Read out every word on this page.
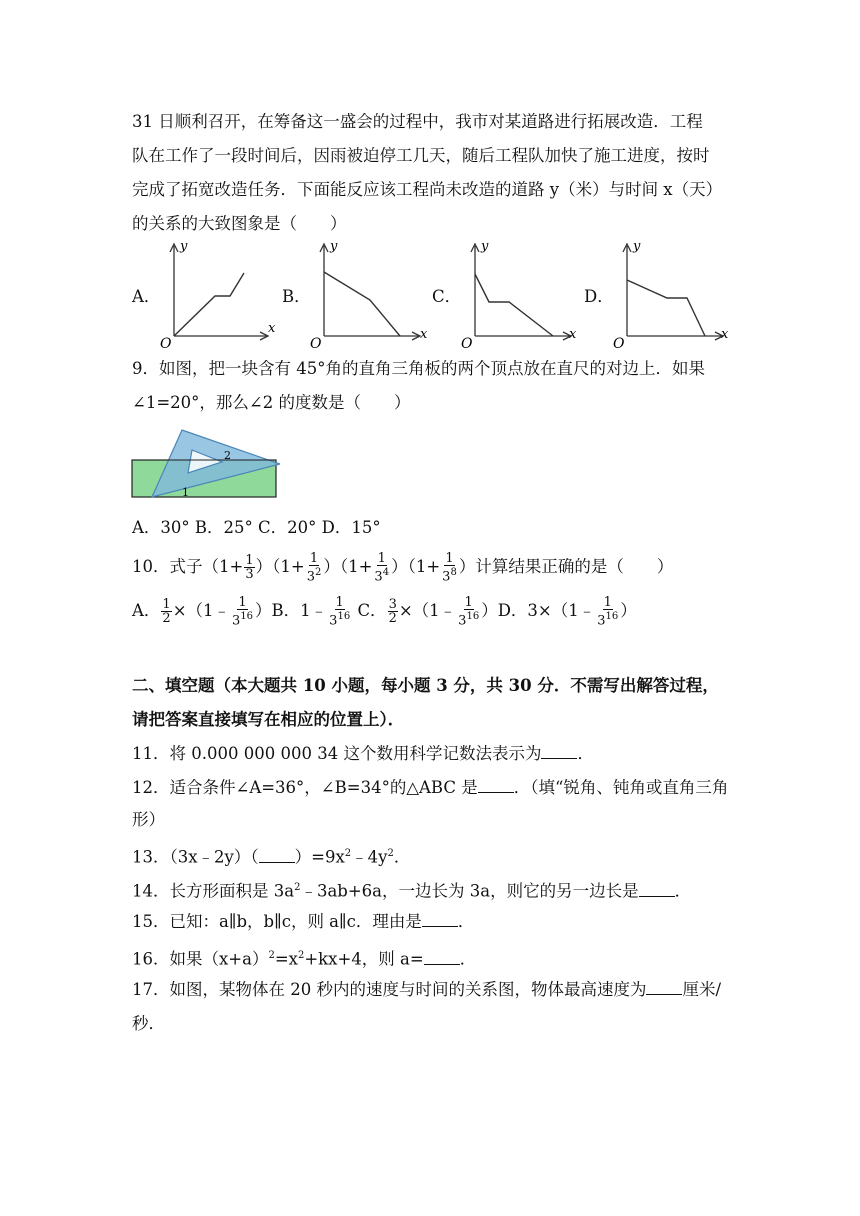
31 日顺利召开，在筹备这一盛会的过程中，我市对某道路进行拓展改造．工程
队在工作了一段时间后，因雨被迫停工几天，随后工程队加快了施工进度，按时
完成了拓宽改造任务．下面能反应该工程尚未改造的道路 y（米）与时间 x（天）
的关系的大致图象是（　　）
A．	B．	C．	D．
y
x
O
y
x
O
y
x
O
y
x
O
9．如图，把一块含有 45°角的直角三角板的两个顶点放在直尺的对边上．如果
∠1=20°，那么∠2 的度数是（　　）
2
1
A．30° B．25° C．20° D．15°
10．式子$(1+ \frac{1}{3} )(1+ \frac{1}{3^2} )(1+ \frac{1}{3^4} )(1+ \frac{1}{3^8}$ ）计算结果正确的是（　　）
A． $\frac{1}{2}$ ×（1﹣ $\frac{1}{3^{16}} )B$．1﹣ $\frac{1}{3^{16}}$ C． $\frac{3}{2}$ ×（1﹣ $\frac{1}{3^{16}} )D$．3×（1﹣ $\frac{1}{3^{16}}$ ）
二、填空题（本大题共 10 小题，每小题 3 分，共 30 分．不需写出解答过程，
请把答案直接填写在相应的位置上）．
11．将 0.000 000 000 34 这个数用科学记数法表示为 ．
12．适合条件∠A=36°，∠B=34°的△ABC 是 ．（填“锐角、钝角或直角三角
形）
13．（3x﹣2y）（ ）$=9x^2﹣4y^2$．
14．长方形面积是 $3a^2﹣3ab+6a$，一边长为 3a，则它的另一边长是 ．
15．已知：a∥b，b∥c，则 a∥c．理由是 ．
16．如果$(x+a)^2=x^2+kx+4$，则 a= ．
17．如图，某物体在 20 秒内的速度与时间的关系图，物体最高速度为 厘米/
秒．
